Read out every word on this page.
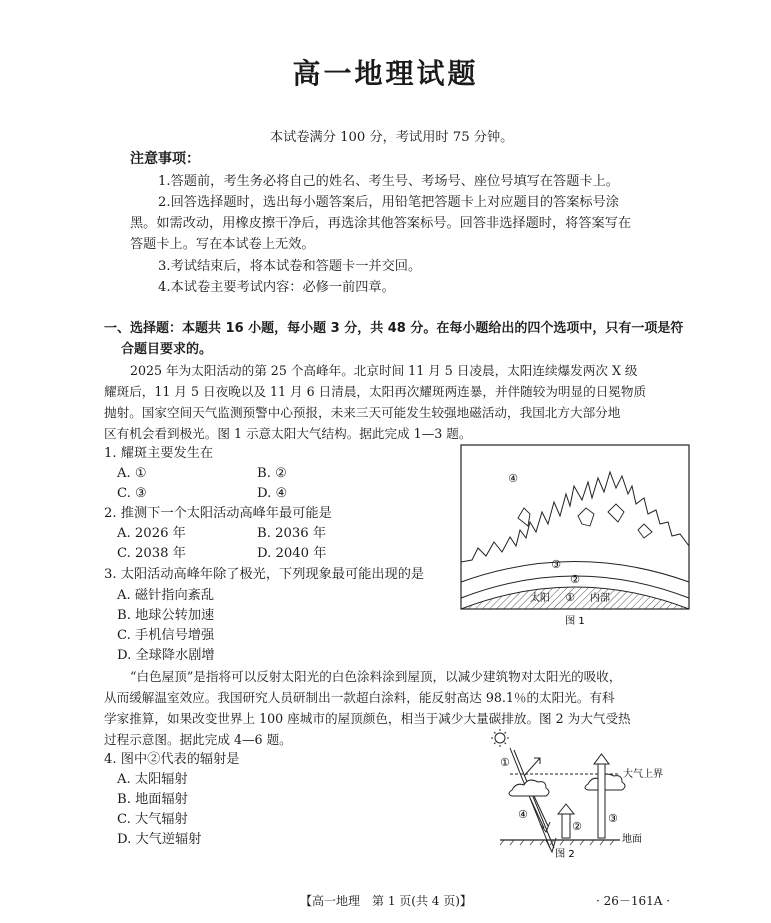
高一地理试题
本试卷满分 100 分，考试用时 75 分钟。
注意事项：
1.答题前，考生务必将自己的姓名、考生号、考场号、座位号填写在答题卡上。
2.回答选择题时，选出每小题答案后，用铅笔把答题卡上对应题目的答案标号涂
黑。如需改动，用橡皮擦干净后，再选涂其他答案标号。回答非选择题时，将答案写在
答题卡上。写在本试卷上无效。
3.考试结束后，将本试卷和答题卡一并交回。
4.本试卷主要考试内容：必修一前四章。
一、选择题：本题共 16 小题，每小题 3 分，共 48 分。在每小题给出的四个选项中，只有一项是符
合题目要求的。
2025 年为太阳活动的第 25 个高峰年。北京时间 11 月 5 日凌晨，太阳连续爆发两次 X 级
耀斑后，11 月 5 日夜晚以及 11 月 6 日清晨，太阳再次耀斑两连暴，并伴随较为明显的日冕物质
抛射。国家空间天气监测预警中心预报，未来三天可能发生较强地磁活动，我国北方大部分地
区有机会看到极光。图 1 示意太阳大气结构。据此完成 1—3 题。
1. 耀斑主要发生在
A. ①	B. ②
C. ③	D. ④
2. 推测下一个太阳活动高峰年最可能是
A. 2026 年	B. 2036 年
C. 2038 年	D. 2040 年
3. 太阳活动高峰年除了极光，下列现象最可能出现的是
A. 磁针指向紊乱
B. 地球公转加速
C. 手机信号增强
D. 全球降水剧增
④
③
②
太阳 ① 内部
图 1
“白色屋顶”是指将可以反射太阳光的白色涂料涂到屋顶，以减少建筑物对太阳光的吸收，
从而缓解温室效应。我国研究人员研制出一款超白涂料，能反射高达 98.1％的太阳光。有科
学家推算，如果改变世界上 100 座城市的屋顶颜色，相当于减少大量碳排放。图 2 为大气受热
过程示意图。据此完成 4—6 题。
4. 图中②代表的辐射是
A. 太阳辐射
B. 地面辐射
C. 大气辐射
D. 大气逆辐射
大气上界
①
④
②
③
地面
图 2
【高一地理　第 1 页(共 4 页)】	· 26－161A ·
